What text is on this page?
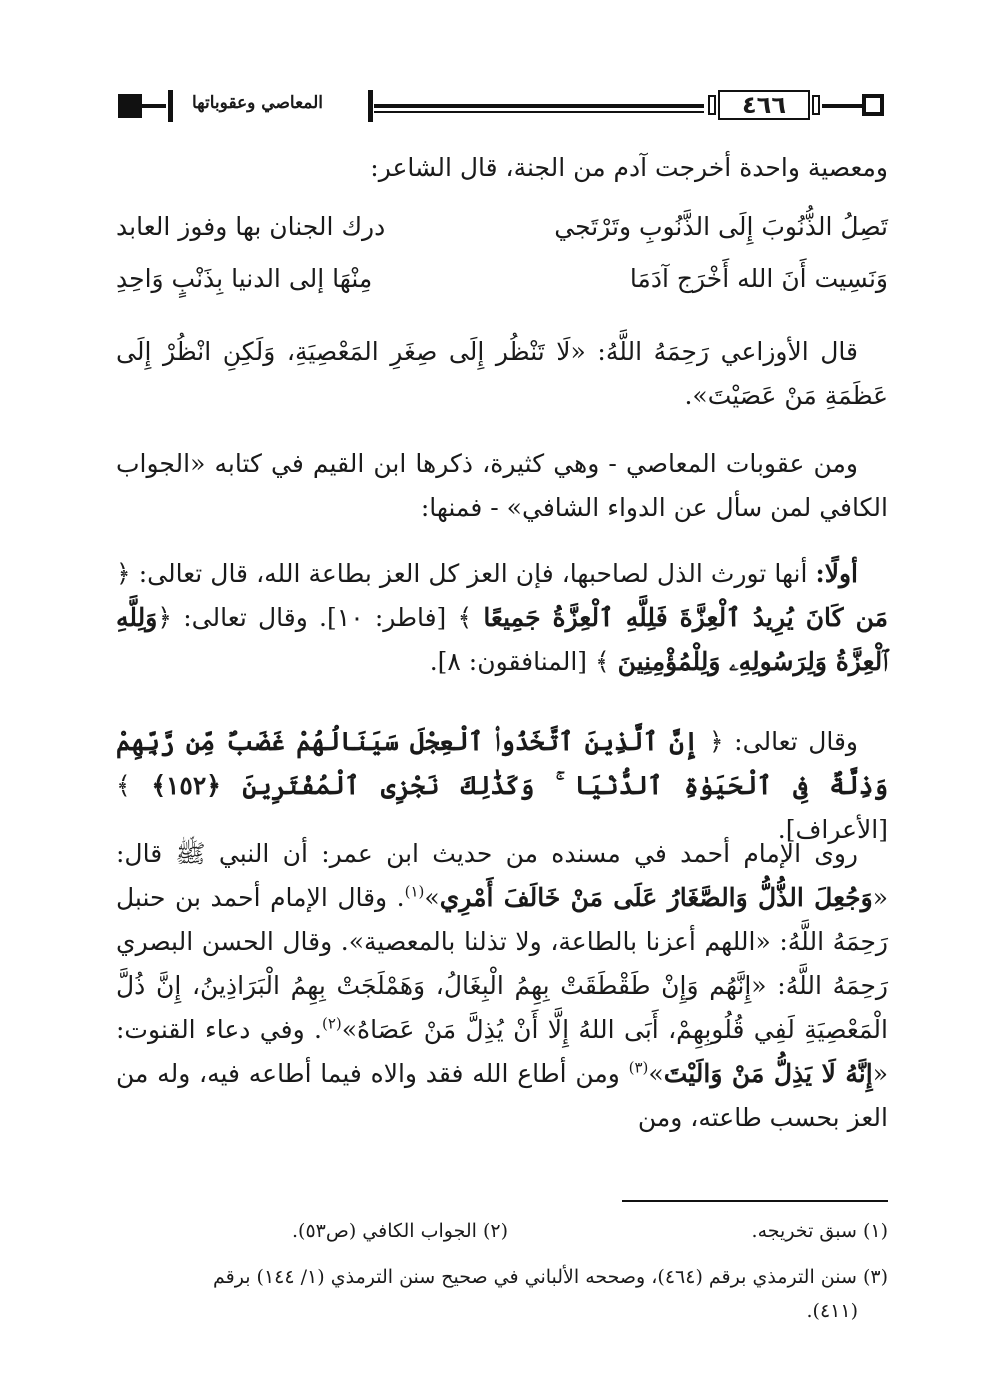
المعاصي وعقوباتها	٤٦٦
ومعصية واحدة أخرجت آدم من الجنة، قال الشاعر:
تَصِلُ الذُّنُوبَ إِلَى الذَّنُوبِ وتَرْتَجي
درك الجنان بها وفوز العابد
وَنَسِيت أَنَ الله أَخْرَج آدَمَا
مِنْهَا إلى الدنيا بِذَنْبٍ وَاحِدِ
قال الأوزاعي رَحِمَهُ اللَّهُ: «لَا تَنْظُر إِلَى صِغَرِ المَعْصِيَةِ، وَلَكِنِ انْظُرْ إِلَى عَظَمَةِ مَنْ عَصَيْتَ».
ومن عقوبات المعاصي - وهي كثيرة، ذكرها ابن القيم في كتابه «الجواب الكافي لمن سأل عن الدواء الشافي» - فمنها:
أولًا: أنها تورث الذل لصاحبها، فإن العز كل العز بطاعة الله، قال تعالى: ﴿ مَن كَانَ يُرِيدُ ٱلْعِزَّةَ فَلِلَّهِ ٱلْعِزَّةُ جَمِيعًا ﴾ [فاطر: ١٠]. وقال تعالى: ﴿وَلِلَّهِ ٱلْعِزَّةُ وَلِرَسُولِهِۦ وَلِلْمُؤْمِنِينَ ﴾ [المنافقون: ٨].
وقال تعالى: ﴿ إِنَّ ٱلَّذِينَ ٱتَّخَذُوا۟ ٱلْعِجْلَ سَيَنَالُهُمْ غَضَبٌ مِّن رَّبِّهِمْ وَذِلَّةٌ فِى ٱلْحَيَوٰةِ ٱلدُّنْيَا ۚ وَكَذَٰلِكَ نَجْزِى ٱلْمُفْتَرِينَ ﴿١٥٢﴾ ﴾ [الأعراف].
روى الإمام أحمد في مسنده من حديث ابن عمر: أن النبي ﷺ قال: «وَجُعِلَ الذُّلُّ وَالصَّغَارُ عَلَى مَنْ خَالَفَ أَمْرِي»$^{(١)}$. وقال الإمام أحمد بن حنبل رَحِمَهُ اللَّهُ: «اللهم أعزنا بالطاعة، ولا تذلنا بالمعصية». وقال الحسن البصري رَحِمَهُ اللَّهُ: «إِنَّهُم وَإِنْ طَقْطَقَتْ بِهِمُ الْبِغَالُ، وَهَمْلَجَتْ بِهِمُ الْبَرَاذِينُ، إِنَّ ذُلَّ الْمَعْصِيَةِ لَفِي قُلُوبِهِمْ، أَبَى اللهُ إِلَّا أَنْ يُذِلَّ مَنْ عَصَاهُ»$^{(٢)}$. وفي دعاء القنوت: «إِنَّهُ لَا يَذِلُّ مَنْ وَالَيْتَ»$^{(٣)}$ ومن أطاع الله فقد والاه فيما أطاعه فيه، وله من العز بحسب طاعته، ومن
(١) سبق تخريجه.
(٢) الجواب الكافي (ص٥٣).
(٣) سنن الترمذي برقم (٤٦٤)، وصححه الألباني في صحيح سنن الترمذي (١/ ١٤٤) برقم
(٤١١).
